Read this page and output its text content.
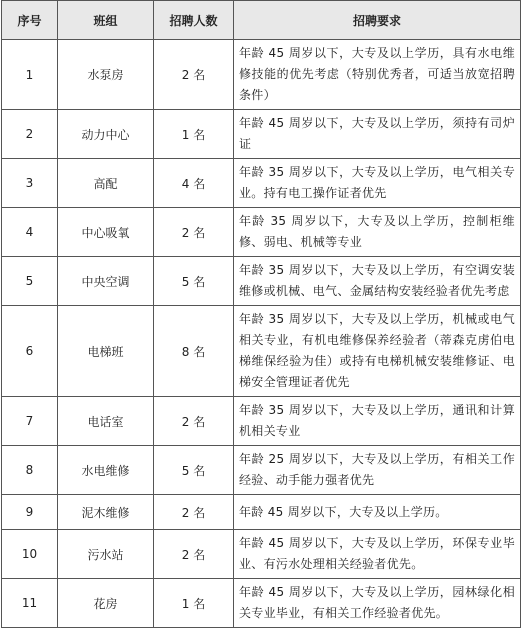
序号	班组	招聘人数	招聘要求
1	水泵房	2 名	年龄 45 周岁以下，大专及以上学历，具有水电维修技能的优先考虑（特别优秀者，可适当放宽招聘条件）
2	动力中心	1 名	年龄 45 周岁以下，大专及以上学历，须持有司炉证
3	高配	4 名	年龄 35 周岁以下，大专及以上学历，电气相关专业。持有电工操作证者优先
4	中心吸氧	2 名	年龄 35 周岁以下，大专及以上学历，控制柜维修、弱电、机械等专业
5	中央空调	5 名	年龄 35 周岁以下，大专及以上学历，有空调安装维修或机械、电气、金属结构安装经验者优先考虑
6	电梯班	8 名	年龄 35 周岁以下，大专及以上学历，机械或电气相关专业，有机电维修保养经验者（蒂森克虏伯电梯维保经验为佳）或持有电梯机械安装维修证、电梯安全管理证者优先
7	电话室	2 名	年龄 35 周岁以下，大专及以上学历，通讯和计算机相关专业
8	水电维修	5 名	年龄 25 周岁以下，大专及以上学历，有相关工作经验、动手能力强者优先
9	泥木维修	2 名	年龄 45 周岁以下，大专及以上学历。
10	污水站	2 名	年龄 45 周岁以下，大专及以上学历，环保专业毕业、有污水处理相关经验者优先。
11	花房	1 名	年龄 45 周岁以下，大专及以上学历，园林绿化相关专业毕业，有相关工作经验者优先。
